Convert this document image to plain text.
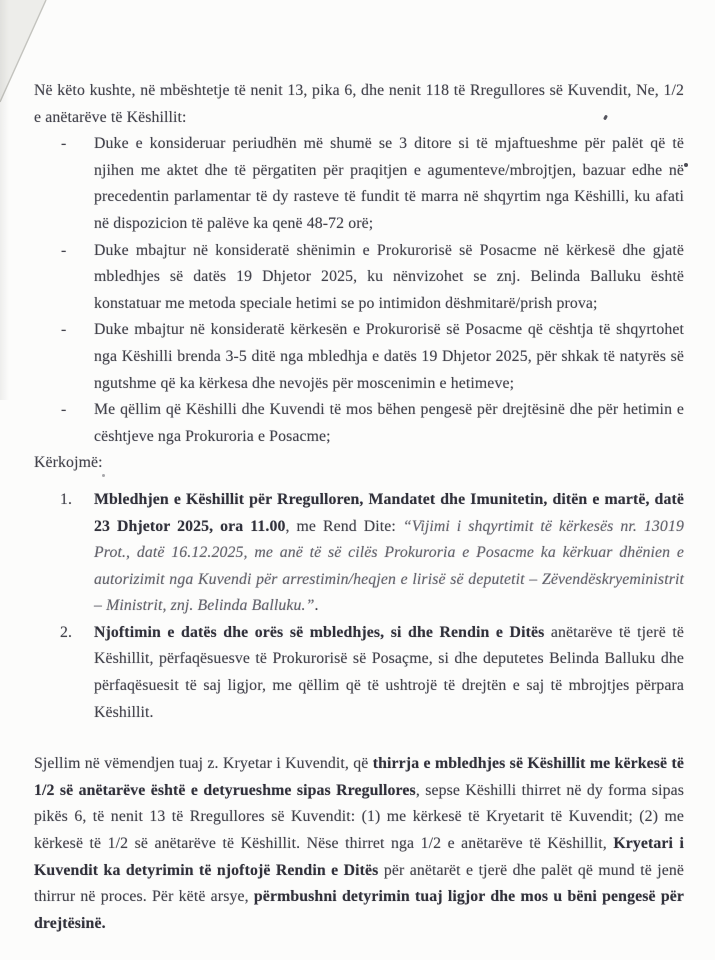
Në këto kushte, në mbështetje të nenit 13, pika 6, dhe nenit 118 të Rregullores së Kuvendit, Ne, 1/2 e anëtarëve të Këshillit:

- Duke e konsideruar periudhën më shumë se 3 ditore si të mjaftueshme për palët që të njihen me aktet dhe të përgatiten për praqitjen e agumenteve/mbrojtjen, bazuar edhe në precedentin parlamentar të dy rasteve të fundit të marra në shqyrtim nga Këshilli, ku afati në dispozicion të palëve ka qenë 48-72 orë;
- Duke mbajtur në konsideratë shënimin e Prokurorisë së Posacme në kërkesë dhe gjatë mbledhjes së datës 19 Dhjetor 2025, ku nënvizohet se znj. Belinda Balluku është konstatuar me metoda speciale hetimi se po intimidon dëshmitarë/prish prova;
- Duke mbajtur në konsideratë kërkesën e Prokurorisë së Posacme që cështja të shqyrtohet nga Këshilli brenda 3-5 ditë nga mbledhja e datës 19 Dhjetor 2025, për shkak të natyrës së ngutshme që ka kërkesa dhe nevojës për moscenimin e hetimeve;
- Me qëllim që Këshilli dhe Kuvendi të mos bëhen pengesë për drejtësinë dhe për hetimin e cështjeve nga Prokuroria e Posacme;

Kërkojmë:

1. Mbledhjen e Këshillit për Rregulloren, Mandatet dhe Imunitetin, ditën e martë, datë 23 Dhjetor 2025, ora 11.00, me Rend Dite: “Vijimi i shqyrtimit të kërkesës nr. 13019 Prot., datë 16.12.2025, me anë të së cilës Prokuroria e Posacme ka kërkuar dhënien e autorizimit nga Kuvendi për arrestimin/heqjen e lirisë së deputetit – Zëvendëskryeministrit – Ministrit, znj. Belinda Balluku.”.
2. Njoftimin e datës dhe orës së mbledhjes, si dhe Rendin e Ditës anëtarëve të tjerë të Këshillit, përfaqësuesve të Prokurorisë së Posaçme, si dhe deputetes Belinda Balluku dhe përfaqësuesit të saj ligjor, me qëllim që të ushtrojë të drejtën e saj të mbrojtjes përpara Këshillit.

Sjellim në vëmendjen tuaj z. Kryetar i Kuvendit, që thirrja e mbledhjes së Këshillit me kërkesë të 1/2 së anëtarëve është e detyrueshme sipas Rregullores, sepse Këshilli thirret në dy forma sipas pikës 6, të nenit 13 të Rregullores së Kuvendit: (1) me kërkesë të Kryetarit të Kuvendit; (2) me kërkesë të 1/2 së anëtarëve të Këshillit. Nëse thirret nga 1/2 e anëtarëve të Këshillit, Kryetari i Kuvendit ka detyrimin të njoftojë Rendin e Ditës për anëtarët e tjerë dhe palët që mund të jenë thirrur në proces. Për këtë arsye, përmbushni detyrimin tuaj ligjor dhe mos u bëni pengesë për drejtësinë.
